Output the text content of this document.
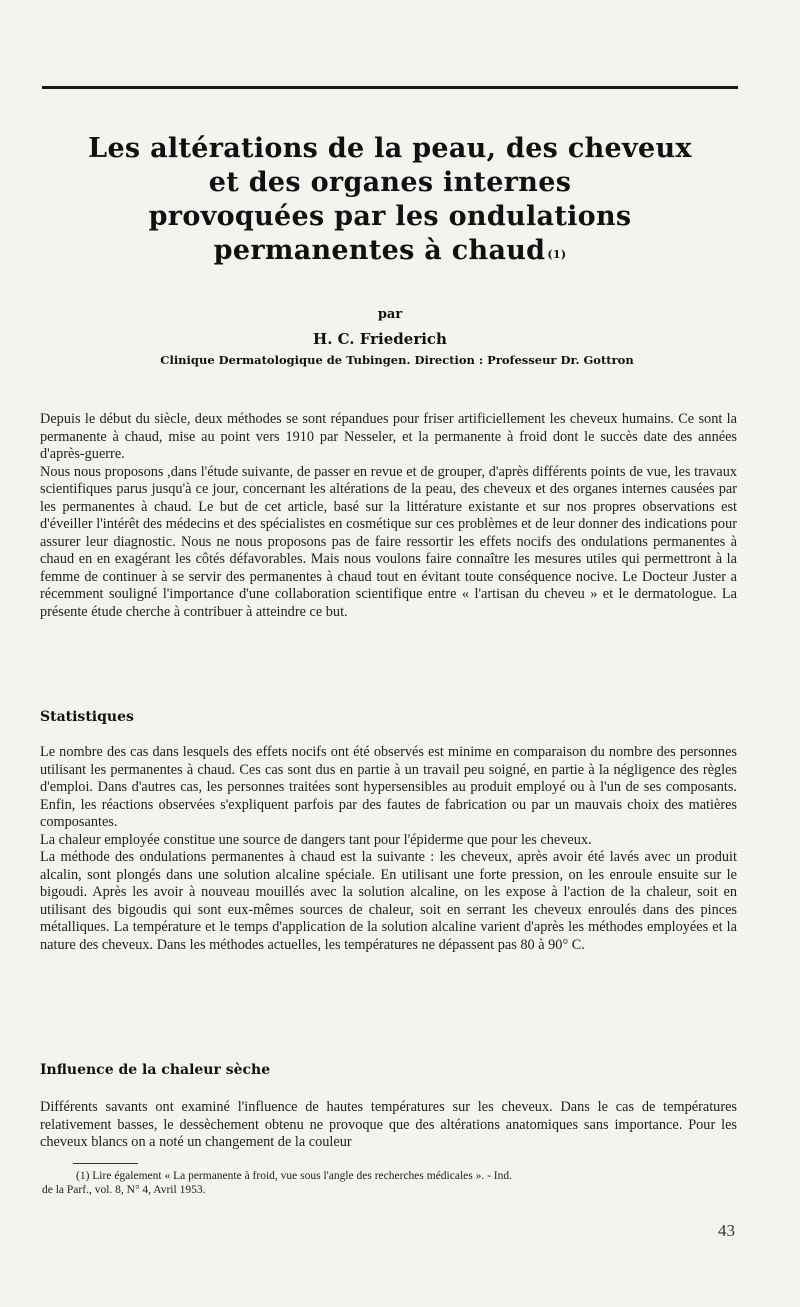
Les altérations de la peau, des cheveux
et des organes internes
provoquées par les ondulations
permanentes à chaud $^{(1)}$
par
H. C. Friederich
Clinique Dermatologique de Tubingen. Direction : Professeur Dr. Gottron

Depuis le début du siècle, deux méthodes se sont répandues pour friser artificiellement les cheveux humains. Ce sont la permanente à chaud, mise au point vers 1910 par Nesseler, et la permanente à froid dont le succès date des années d'après-guerre.

Nous nous proposons ,dans l'étude suivante, de passer en revue et de grouper, d'après différents points de vue, les travaux scientifiques parus jusqu'à ce jour, concernant les altérations de la peau, des cheveux et des organes internes causées par les permanentes à chaud. Le but de cet article, basé sur la littérature existante et sur nos propres observations est d'éveiller l'intérêt des médecins et des spécialistes en cosmétique sur ces problèmes et de leur donner des indications pour assurer leur diagnostic. Nous ne nous proposons pas de faire ressortir les effets nocifs des ondulations permanentes à chaud en en exagérant les côtés défavorables. Mais nous voulons faire connaître les mesures utiles qui permettront à la femme de continuer à se servir des permanentes à chaud tout en évitant toute conséquence nocive. Le Docteur Juster a récemment souligné l'importance d'une collaboration scientifique entre « l'artisan du cheveu » et le dermatologue. La présente étude cherche à contribuer à atteindre ce but.

Statistiques

Le nombre des cas dans lesquels des effets nocifs ont été observés est minime en comparaison du nombre des personnes utilisant les permanentes à chaud. Ces cas sont dus en partie à un travail peu soigné, en partie à la négligence des règles d'emploi. Dans d'autres cas, les personnes traitées sont hypersensibles au produit employé ou à l'un de ses composants. Enfin, les réactions observées s'expliquent parfois par des fautes de fabrication ou par un mauvais choix des matières composantes.

La chaleur employée constitue une source de dangers tant pour l'épiderme que pour les cheveux.

La méthode des ondulations permanentes à chaud est la suivante : les cheveux, après avoir été lavés avec un produit alcalin, sont plongés dans une solution alcaline spéciale. En utilisant une forte pression, on les enroule ensuite sur le bigoudi. Après les avoir à nouveau mouillés avec la solution alcaline, on les expose à l'action de la chaleur, soit en utilisant des bigoudis qui sont eux-mêmes sources de chaleur, soit en serrant les cheveux enroulés dans des pinces métalliques. La température et le temps d'application de la solution alcaline varient d'après les méthodes employées et la nature des cheveux. Dans les méthodes actuelles, les températures ne dépassent pas 80 à 90° C.

Influence de la chaleur sèche

Différents savants ont examiné l'influence de hautes températures sur les cheveux. Dans le cas de températures relativement basses, le dessèchement obtenu ne provoque que des altérations anatomiques sans importance. Pour les cheveux blancs on a noté un changement de la couleur

(1) Lire également « La permanente à froid, vue sous l'angle des recherches médicales ». - Ind.
de la Parf., vol. 8, N° 4, Avril 1953.
43
